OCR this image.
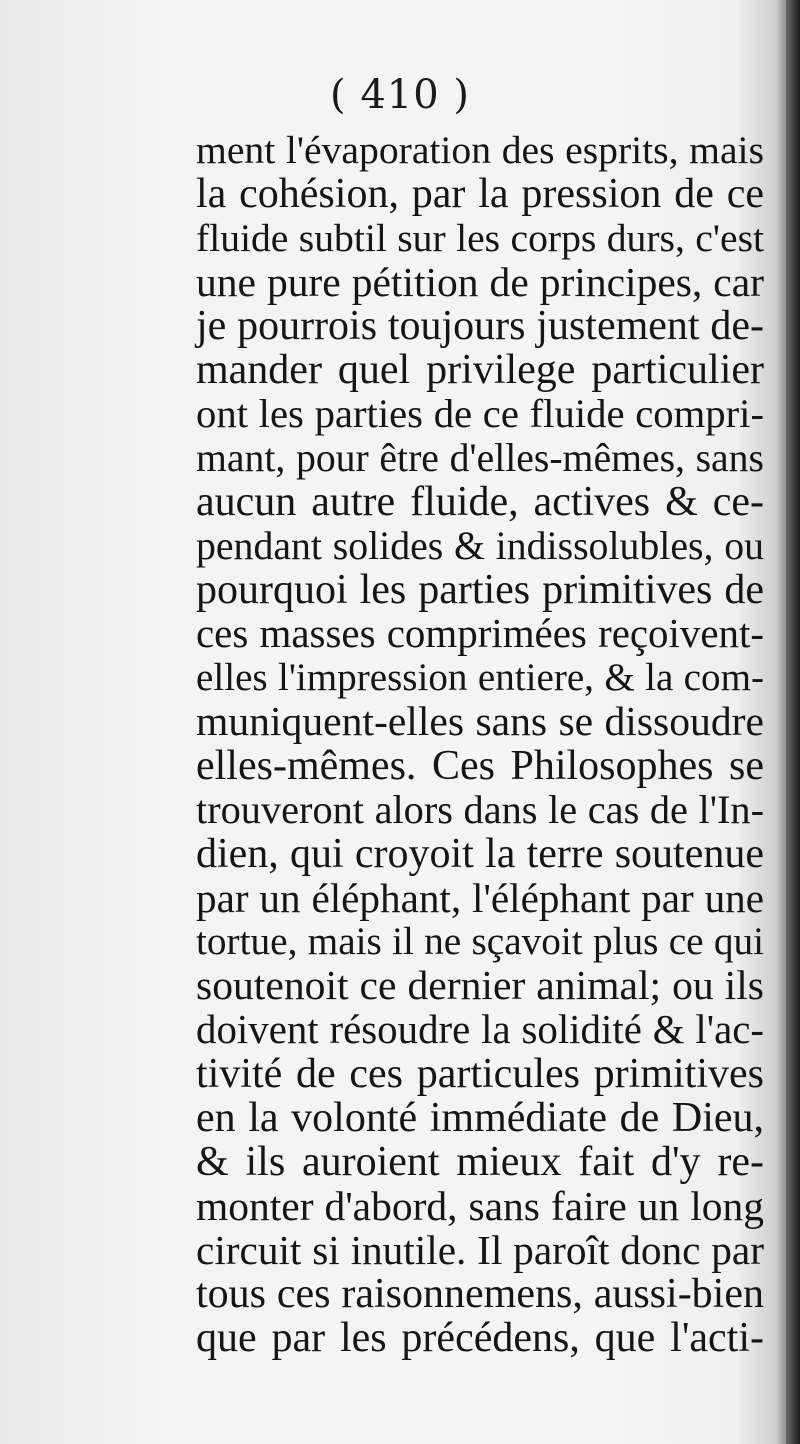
( 410 )
ment l'évaporation des esprits, mais
la cohésion, par la pression de ce
fluide subtil sur les corps durs, c'est
une pure pétition de principes, car
je pourrois toujours justement de-
mander quel privilege particulier
ont les parties de ce fluide compri-
mant, pour être d'elles-mêmes, sans
aucun autre fluide, actives & ce-
pendant solides & indissolubles, ou
pourquoi les parties primitives de
ces masses comprimées reçoivent-
elles l'impression entiere, & la com-
muniquent-elles sans se dissoudre
elles-mêmes. Ces Philosophes se
trouveront alors dans le cas de l'In-
dien, qui croyoit la terre soutenue
par un éléphant, l'éléphant par une
tortue, mais il ne sçavoit plus ce qui
soutenoit ce dernier animal; ou ils
doivent résoudre la solidité & l'ac-
tivité de ces particules primitives
en la volonté immédiate de Dieu,
& ils auroient mieux fait d'y re-
monter d'abord, sans faire un long
circuit si inutile. Il paroît donc par
tous ces raisonnemens, aussi-bien
que par les précédens, que l'acti-
